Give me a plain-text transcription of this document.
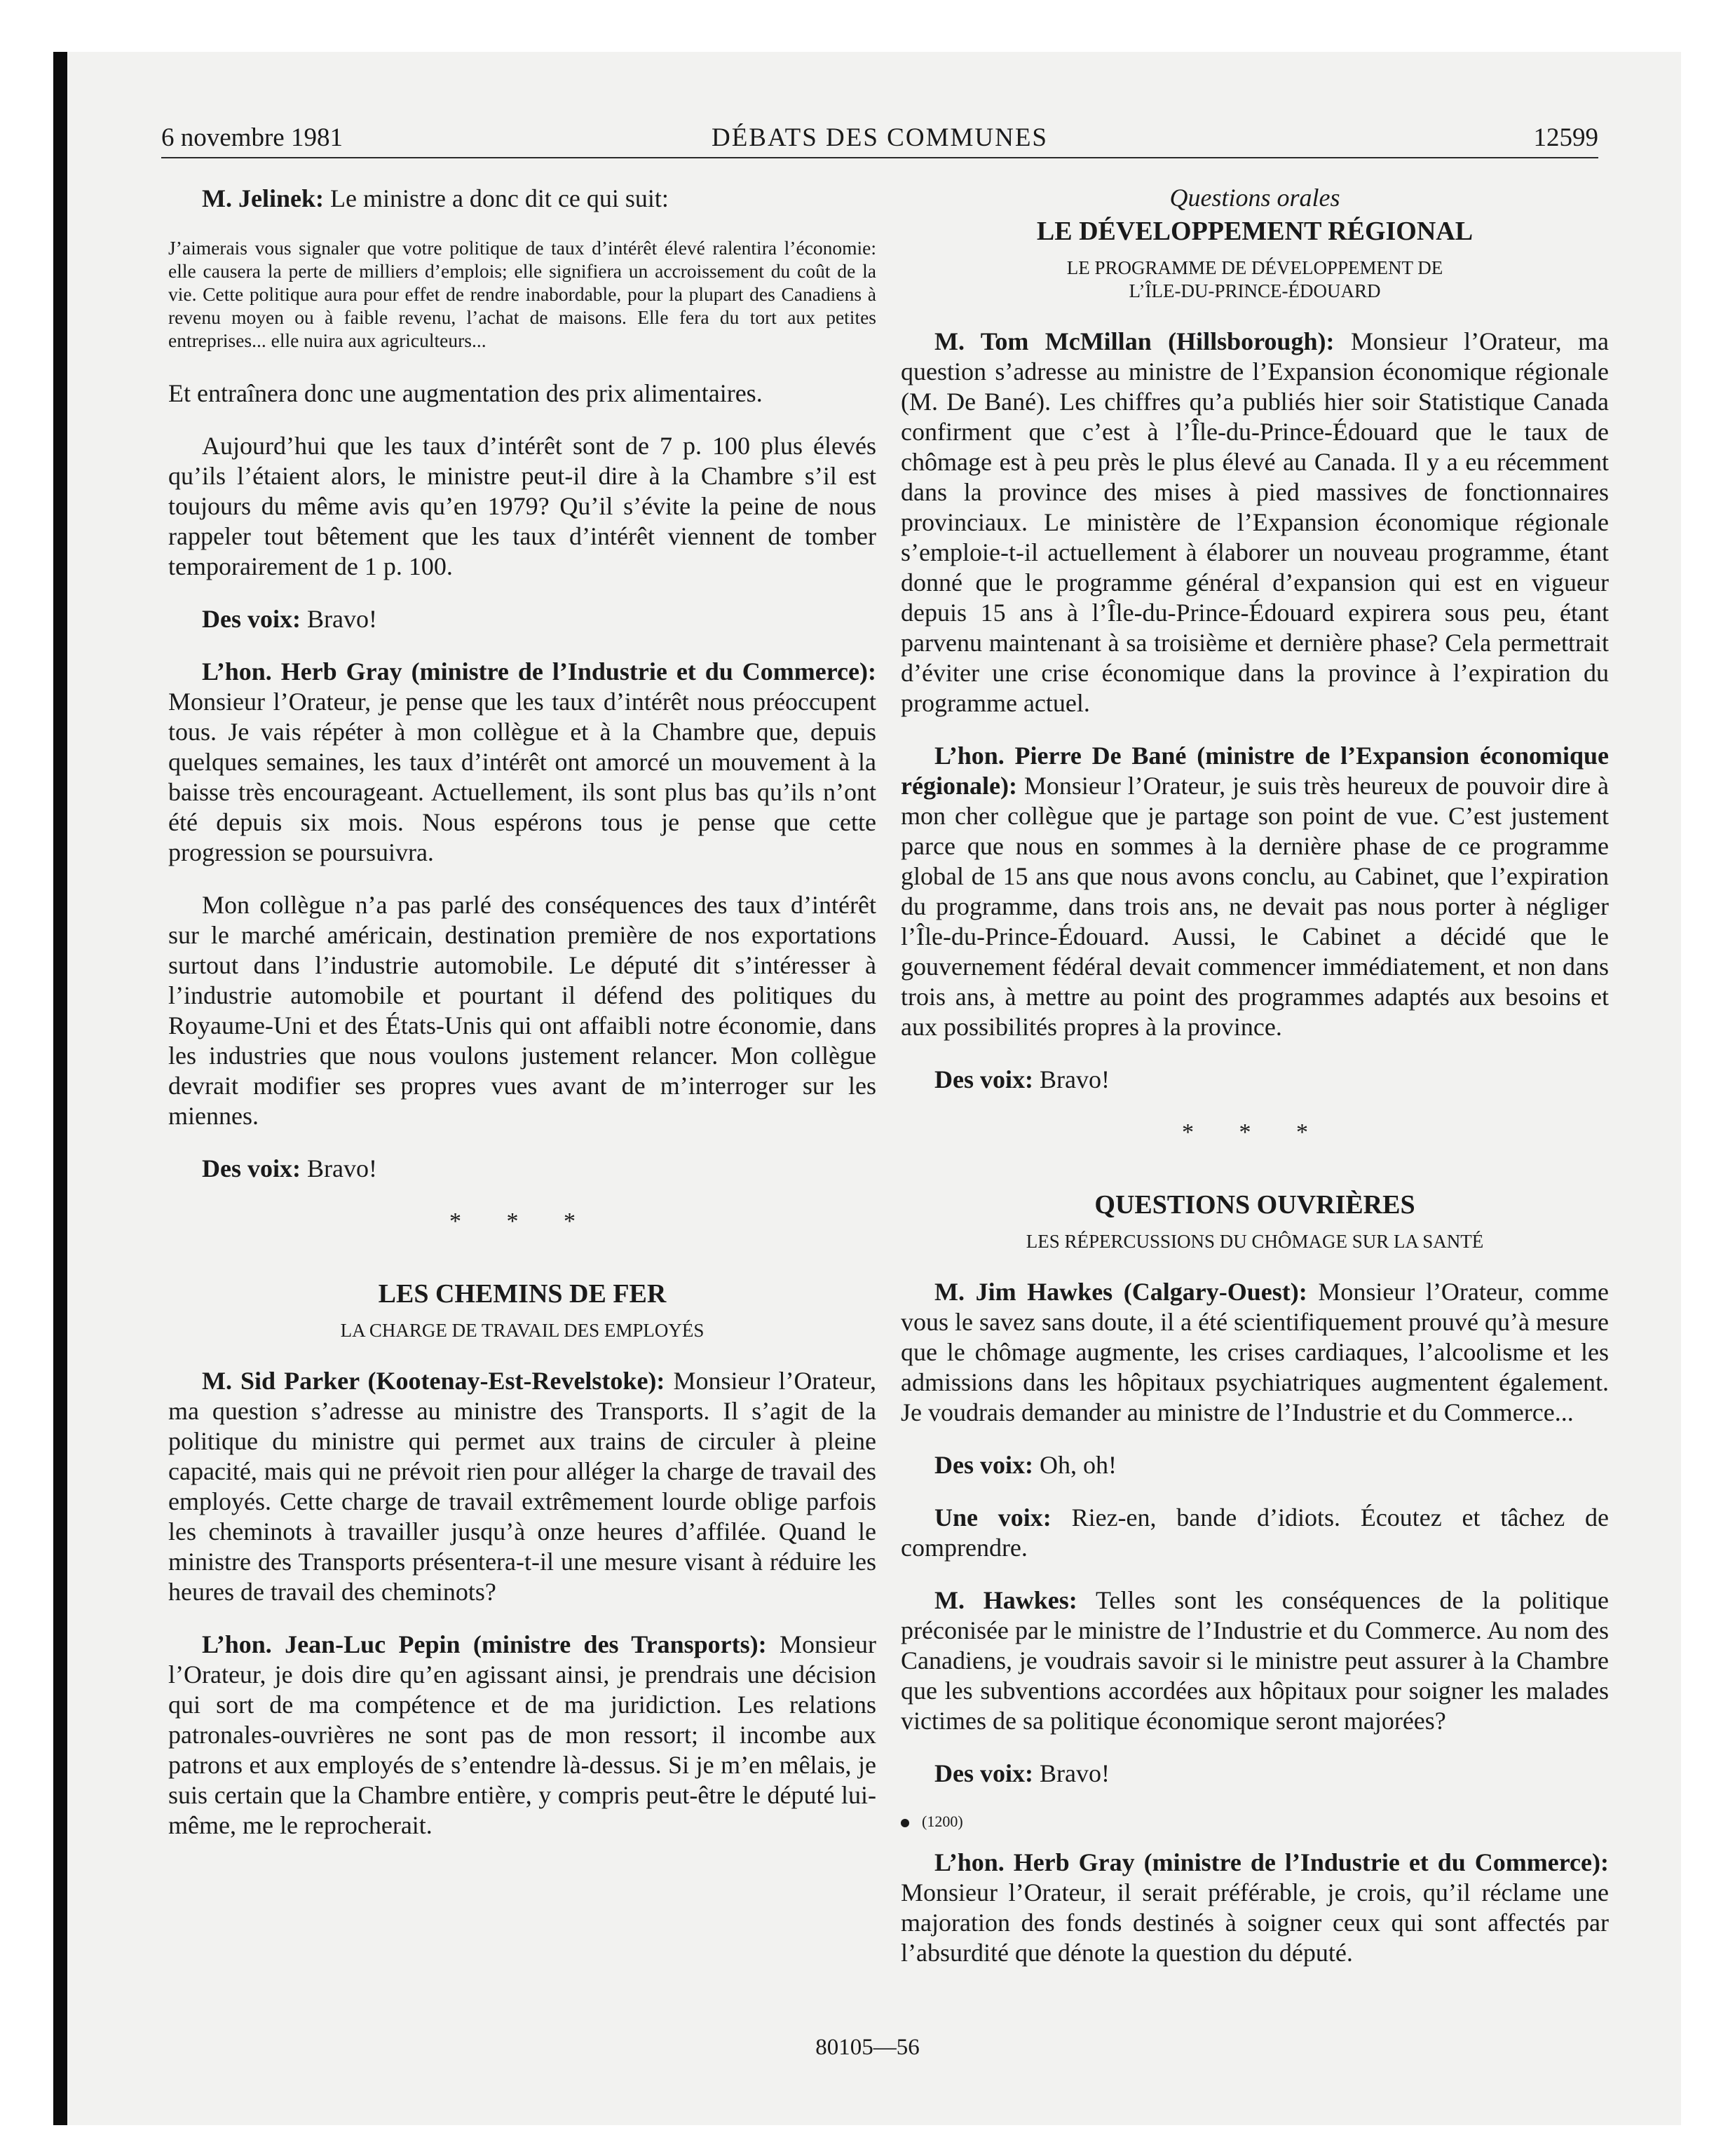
6 novembre 1981	DÉBATS DES COMMUNES	12599

M. Jelinek: Le ministre a donc dit ce qui suit:

J’aimerais vous signaler que votre politique de taux d’intérêt élevé ralentira l’économie: elle causera la perte de milliers d’emplois; elle signifiera un accroissement du coût de la vie. Cette politique aura pour effet de rendre inabordable, pour la plupart des Canadiens à revenu moyen ou à faible revenu, l’achat de maisons. Elle fera du tort aux petites entreprises... elle nuira aux agriculteurs...

Et entraînera donc une augmentation des prix alimentaires.

Aujourd’hui que les taux d’intérêt sont de 7 p. 100 plus élevés qu’ils l’étaient alors, le ministre peut-il dire à la Chambre s’il est toujours du même avis qu’en 1979? Qu’il s’évite la peine de nous rappeler tout bêtement que les taux d’intérêt viennent de tomber temporairement de 1 p. 100.

Des voix: Bravo!

L’hon. Herb Gray (ministre de l’Industrie et du Commerce): Monsieur l’Orateur, je pense que les taux d’intérêt nous préoccupent tous. Je vais répéter à mon collègue et à la Chambre que, depuis quelques semaines, les taux d’intérêt ont amorcé un mouvement à la baisse très encourageant. Actuellement, ils sont plus bas qu’ils n’ont été depuis six mois. Nous espérons tous je pense que cette progression se poursuivra.

Mon collègue n’a pas parlé des conséquences des taux d’intérêt sur le marché américain, destination première de nos exportations surtout dans l’industrie automobile. Le député dit s’intéresser à l’industrie automobile et pourtant il défend des politiques du Royaume-Uni et des États-Unis qui ont affaibli notre économie, dans les industries que nous voulons justement relancer. Mon collègue devrait modifier ses propres vues avant de m’interroger sur les miennes.

Des voix: Bravo!

* * *

LES CHEMINS DE FER

LA CHARGE DE TRAVAIL DES EMPLOYÉS

M. Sid Parker (Kootenay-Est-Revelstoke): Monsieur l’Orateur, ma question s’adresse au ministre des Transports. Il s’agit de la politique du ministre qui permet aux trains de circuler à pleine capacité, mais qui ne prévoit rien pour alléger la charge de travail des employés. Cette charge de travail extrêmement lourde oblige parfois les cheminots à travailler jusqu’à onze heures d’affilée. Quand le ministre des Transports présentera-t-il une mesure visant à réduire les heures de travail des cheminots?

L’hon. Jean-Luc Pepin (ministre des Transports): Monsieur l’Orateur, je dois dire qu’en agissant ainsi, je prendrais une décision qui sort de ma compétence et de ma juridiction. Les relations patronales-ouvrières ne sont pas de mon ressort; il incombe aux patrons et aux employés de s’entendre là-dessus. Si je m’en mêlais, je suis certain que la Chambre entière, y compris peut-être le député lui-même, me le reprocherait.

Questions orales

LE DÉVELOPPEMENT RÉGIONAL

LE PROGRAMME DE DÉVELOPPEMENT DE
L’ÎLE-DU-PRINCE-ÉDOUARD

M. Tom McMillan (Hillsborough): Monsieur l’Orateur, ma question s’adresse au ministre de l’Expansion économique régionale (M. De Bané). Les chiffres qu’a publiés hier soir Statistique Canada confirment que c’est à l’Île-du-Prince-Édouard que le taux de chômage est à peu près le plus élevé au Canada. Il y a eu récemment dans la province des mises à pied massives de fonctionnaires provinciaux. Le ministère de l’Expansion économique régionale s’emploie-t-il actuellement à élaborer un nouveau programme, étant donné que le programme général d’expansion qui est en vigueur depuis 15 ans à l’Île-du-Prince-Édouard expirera sous peu, étant parvenu maintenant à sa troisième et dernière phase? Cela permettrait d’éviter une crise économique dans la province à l’expiration du programme actuel.

L’hon. Pierre De Bané (ministre de l’Expansion économique régionale): Monsieur l’Orateur, je suis très heureux de pouvoir dire à mon cher collègue que je partage son point de vue. C’est justement parce que nous en sommes à la dernière phase de ce programme global de 15 ans que nous avons conclu, au Cabinet, que l’expiration du programme, dans trois ans, ne devait pas nous porter à négliger l’Île-du-Prince-Édouard. Aussi, le Cabinet a décidé que le gouvernement fédéral devait commencer immédiatement, et non dans trois ans, à mettre au point des programmes adaptés aux besoins et aux possibilités propres à la province.

Des voix: Bravo!

* * *

QUESTIONS OUVRIÈRES

LES RÉPERCUSSIONS DU CHÔMAGE SUR LA SANTÉ

M. Jim Hawkes (Calgary-Ouest): Monsieur l’Orateur, comme vous le savez sans doute, il a été scientifiquement prouvé qu’à mesure que le chômage augmente, les crises cardiaques, l’alcoolisme et les admissions dans les hôpitaux psychiatriques augmentent également. Je voudrais demander au ministre de l’Industrie et du Commerce...

Des voix: Oh, oh!

Une voix: Riez-en, bande d’idiots. Écoutez et tâchez de comprendre.

M. Hawkes: Telles sont les conséquences de la politique préconisée par le ministre de l’Industrie et du Commerce. Au nom des Canadiens, je voudrais savoir si le ministre peut assurer à la Chambre que les subventions accordées aux hôpitaux pour soigner les malades victimes de sa politique économique seront majorées?

Des voix: Bravo!

(1200)

L’hon. Herb Gray (ministre de l’Industrie et du Commerce): Monsieur l’Orateur, il serait préférable, je crois, qu’il réclame une majoration des fonds destinés à soigner ceux qui sont affectés par l’absurdité que dénote la question du député.

80105—56
